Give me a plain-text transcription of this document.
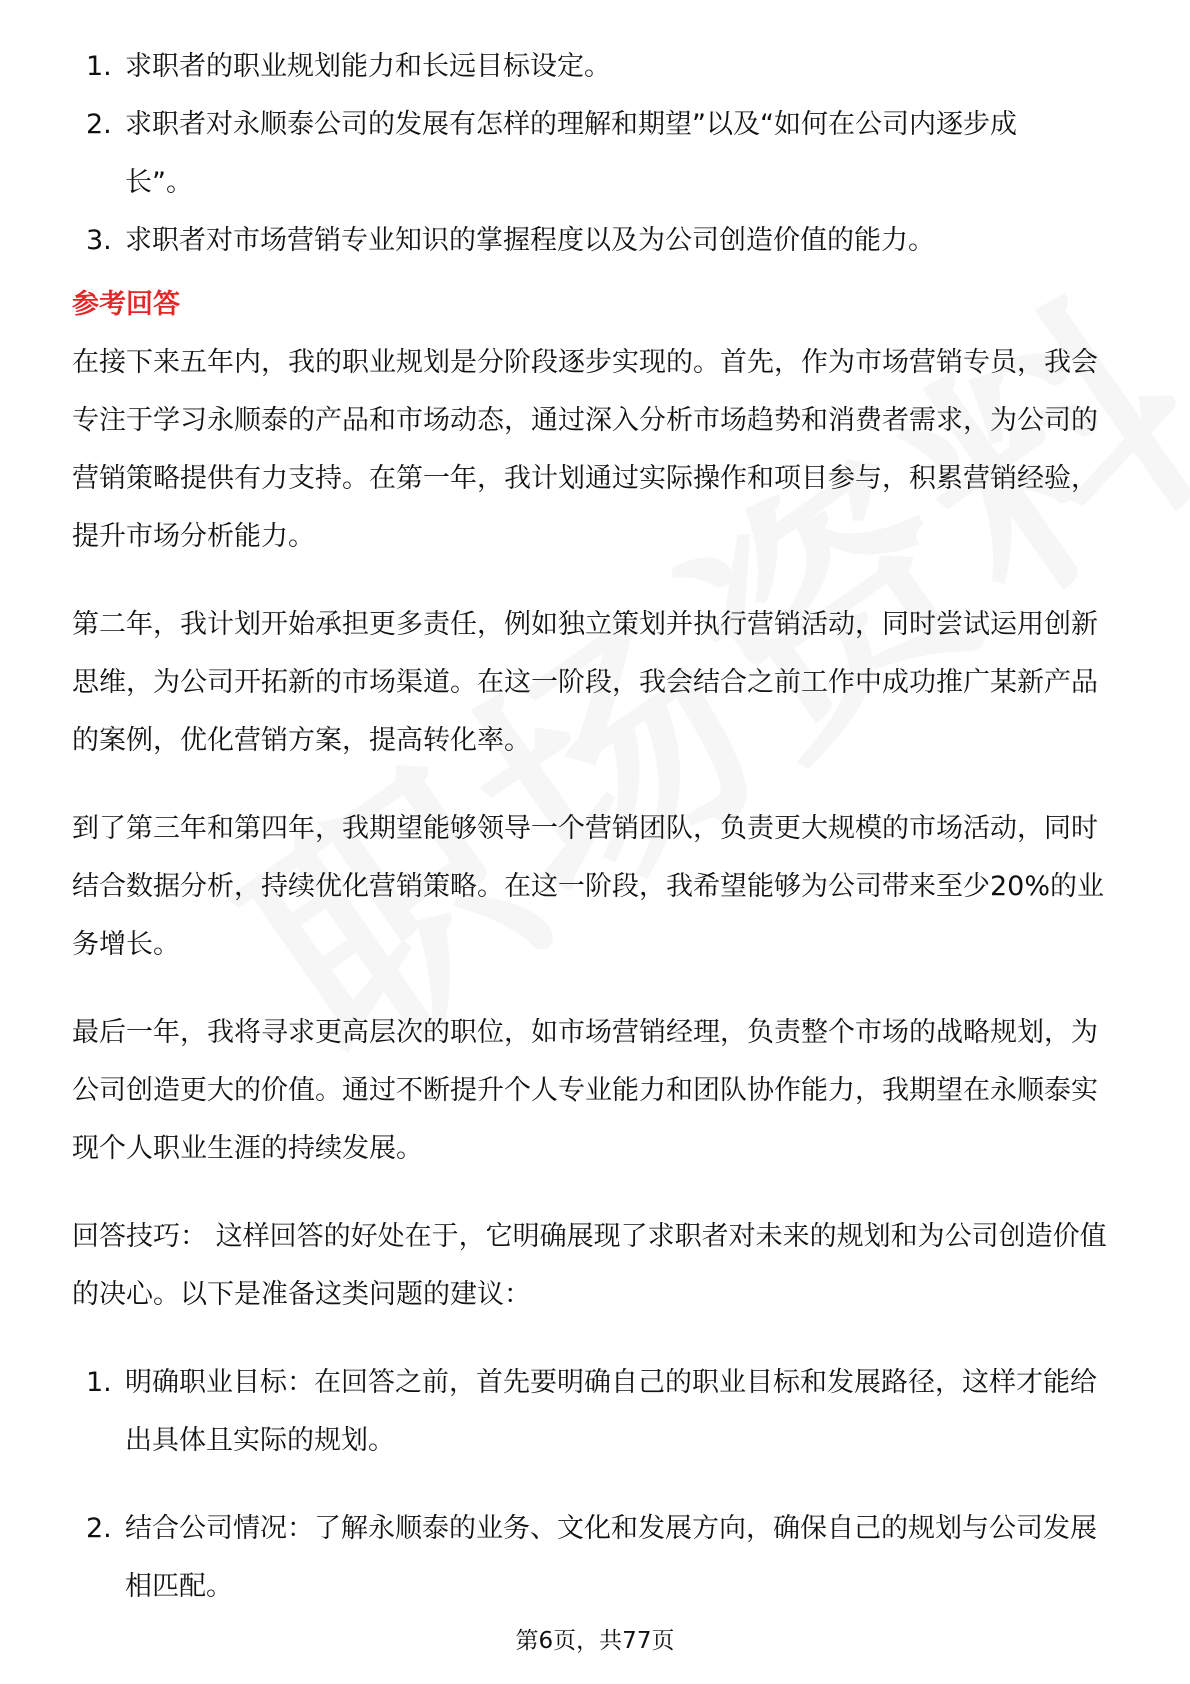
1. 求职者的职业规划能力和长远目标设定。
2. 求职者对永顺泰公司的发展有怎样的理解和期望”以及“如何在公司内逐步成长”。
3. 求职者对市场营销专业知识的掌握程度以及为公司创造价值的能力。
参考回答

在接下来五年内，我的职业规划是分阶段逐步实现的。首先，作为市场营销专员，我会专注于学习永顺泰的产品和市场动态，通过深入分析市场趋势和消费者需求，为公司的营销策略提供有力支持。在第一年，我计划通过实际操作和项目参与，积累营销经验，提升市场分析能力。

第二年，我计划开始承担更多责任，例如独立策划并执行营销活动，同时尝试运用创新思维，为公司开拓新的市场渠道。在这一阶段，我会结合之前工作中成功推广某新产品的案例，优化营销方案，提高转化率。

到了第三年和第四年，我期望能够领导一个营销团队，负责更大规模的市场活动，同时结合数据分析，持续优化营销策略。在这一阶段，我希望能够为公司带来至少20%的业务增长。

最后一年，我将寻求更高层次的职位，如市场营销经理，负责整个市场的战略规划，为公司创造更大的价值。通过不断提升个人专业能力和团队协作能力，我期望在永顺泰实现个人职业生涯的持续发展。

回答技巧： 这样回答的好处在于，它明确展现了求职者对未来的规划和为公司创造价值的决心。以下是准备这类问题的建议：

1. 明确职业目标：在回答之前，首先要明确自己的职业目标和发展路径，这样才能给出具体且实际的规划。
2. 结合公司情况：了解永顺泰的业务、文化和发展方向，确保自己的规划与公司发展相匹配。
第6页，共77页
